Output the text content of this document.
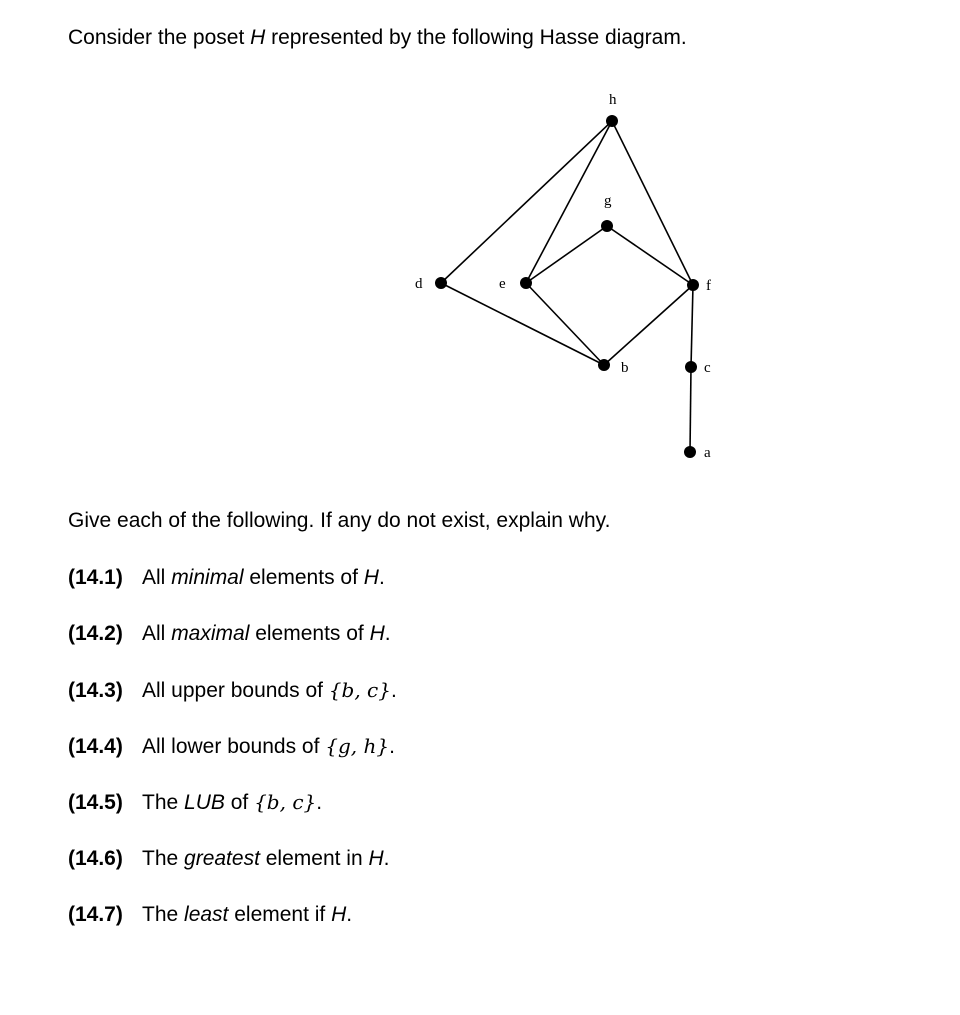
Consider the poset H represented by the following Hasse diagram.
h
g
d	e	f
b	c
a
Give each of the following. If any do not exist, explain why.
(14.1) All minimal elements of H.
(14.2) All maximal elements of H.
(14.3) All upper bounds of {b, c}.
(14.4) All lower bounds of {g, h}.
(14.5) The LUB of {b, c}.
(14.6) The greatest element in H.
(14.7) The least element if H.
